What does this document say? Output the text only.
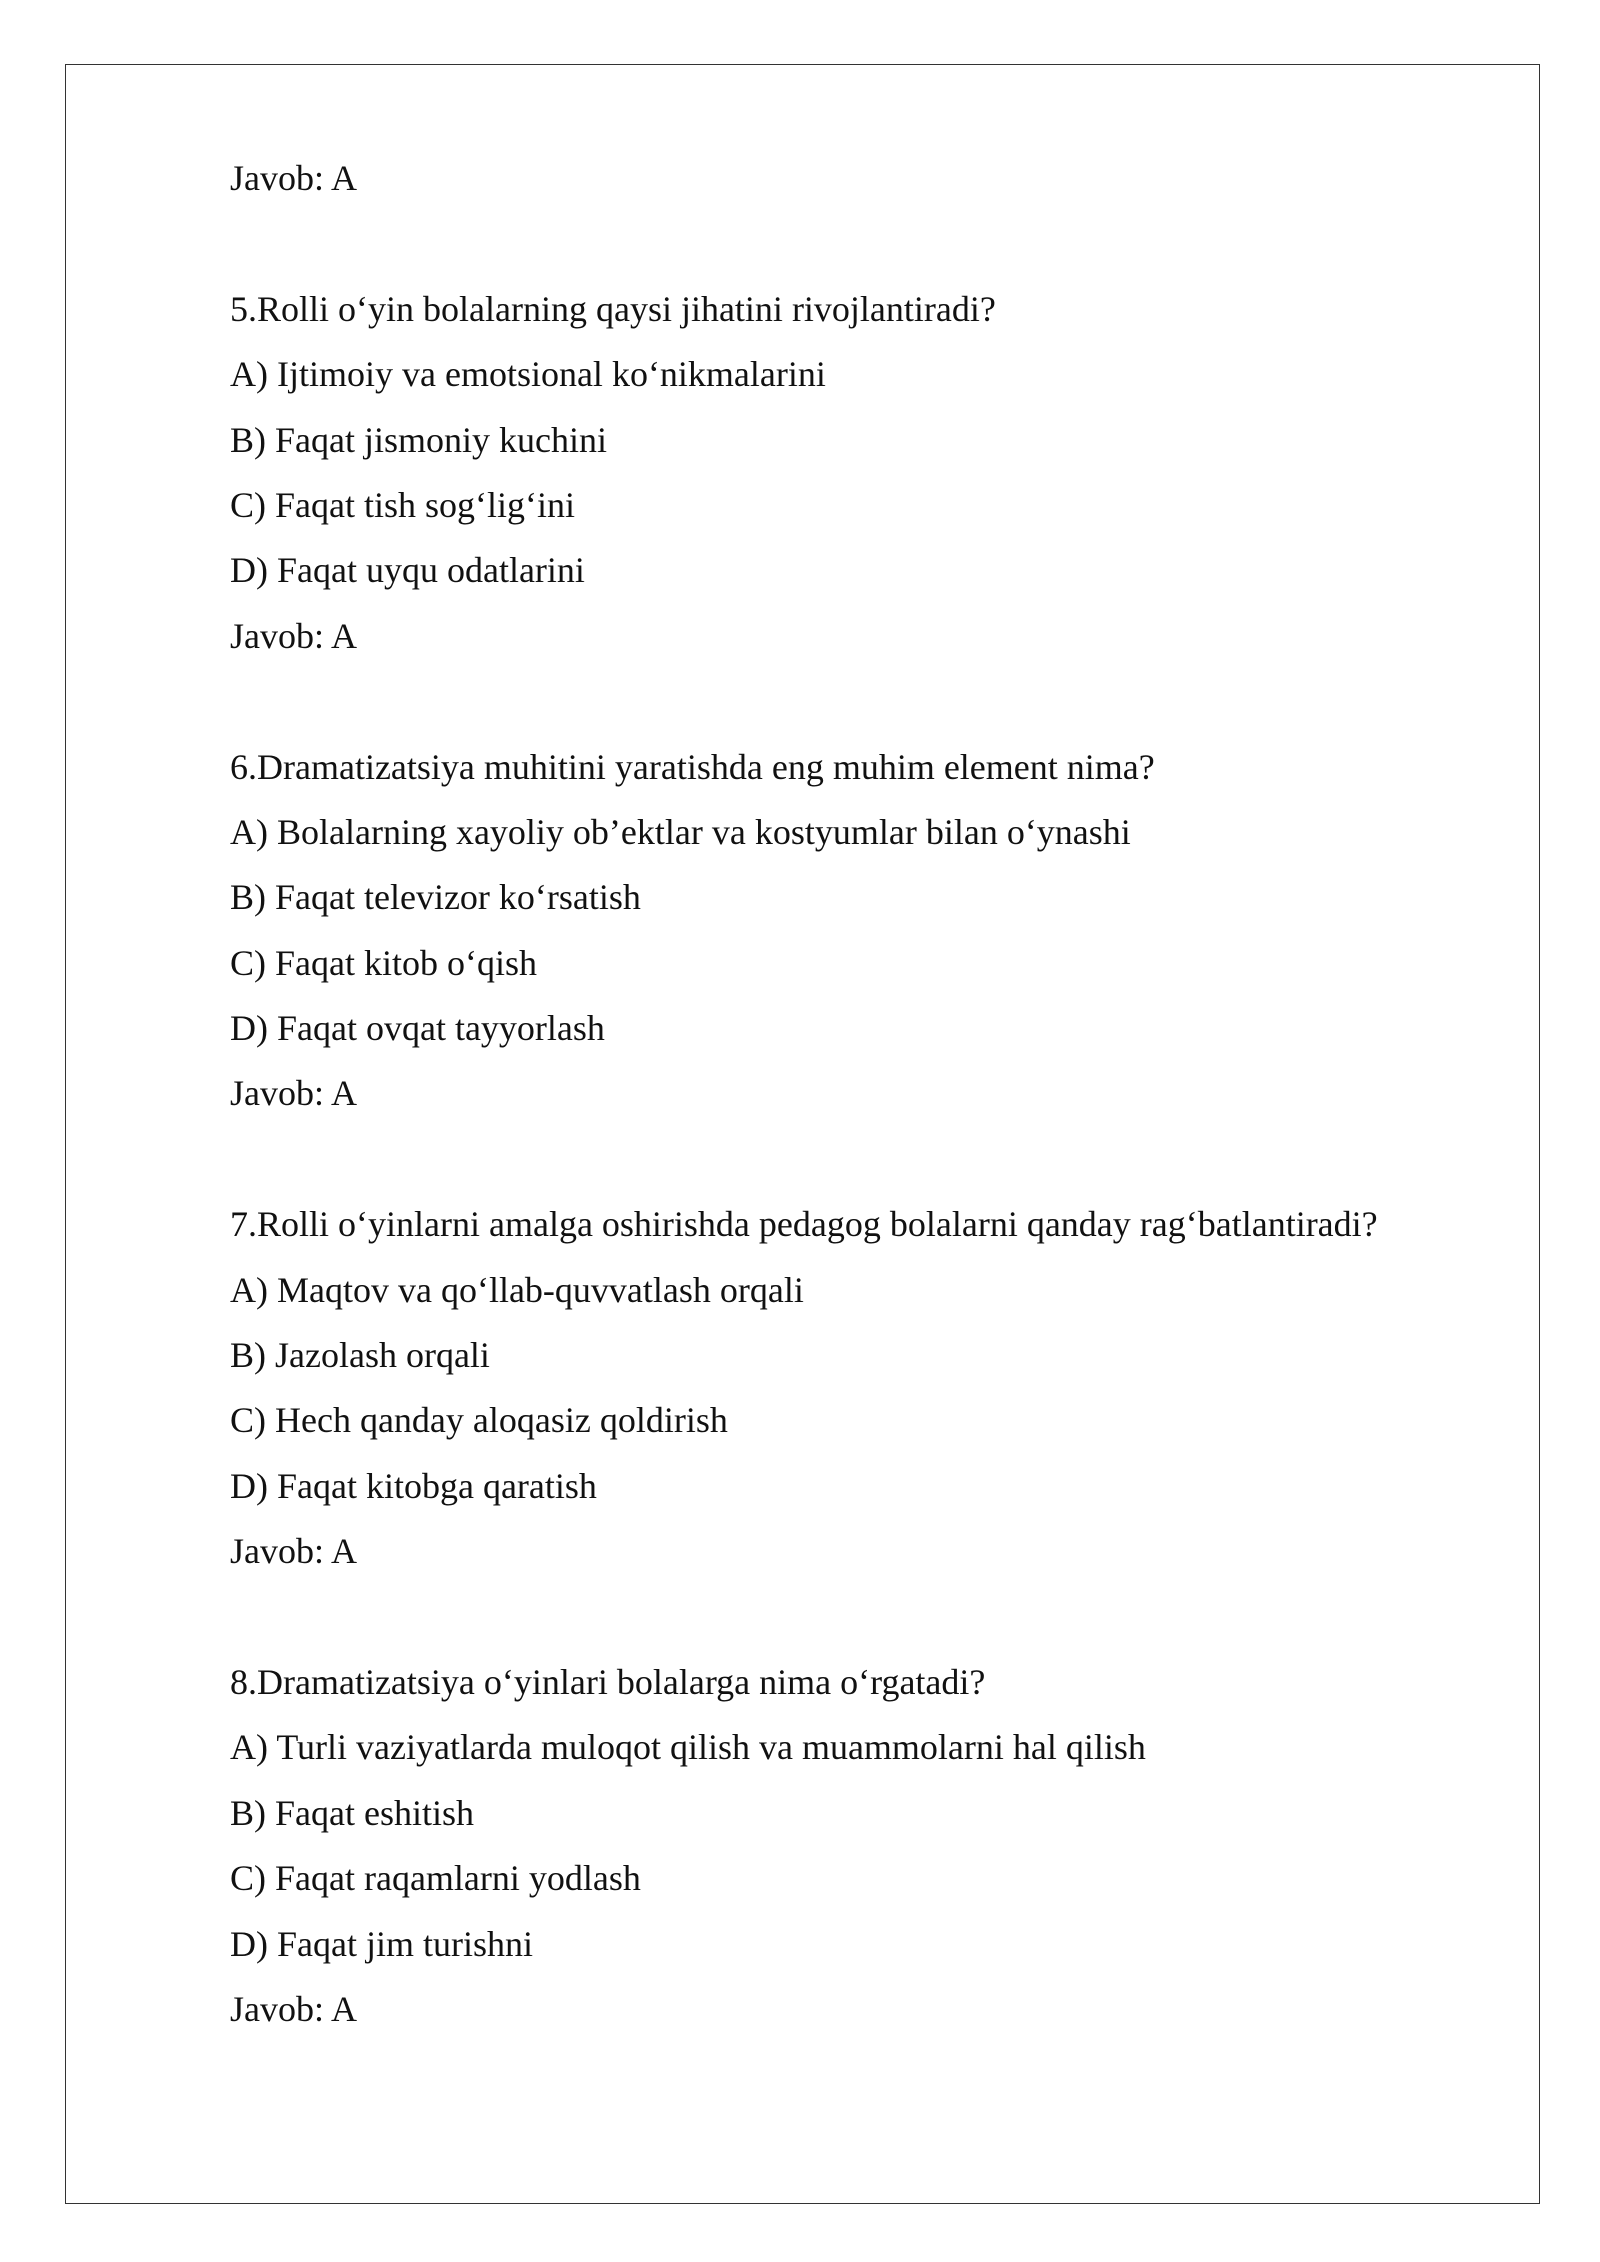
Javob: A
5.Rolli o‘yin bolalarning qaysi jihatini rivojlantiradi?
A) Ijtimoiy va emotsional ko‘nikmalarini
B) Faqat jismoniy kuchini
C) Faqat tish sog‘lig‘ini
D) Faqat uyqu odatlarini
Javob: A
6.Dramatizatsiya muhitini yaratishda eng muhim element nima?
A) Bolalarning xayoliy ob’ektlar va kostyumlar bilan o‘ynashi
B) Faqat televizor ko‘rsatish
C) Faqat kitob o‘qish
D) Faqat ovqat tayyorlash
Javob: A
7.Rolli o‘yinlarni amalga oshirishda pedagog bolalarni qanday rag‘batlantiradi?
A) Maqtov va qo‘llab-quvvatlash orqali
B) Jazolash orqali
C) Hech qanday aloqasiz qoldirish
D) Faqat kitobga qaratish
Javob: A
8.Dramatizatsiya o‘yinlari bolalarga nima o‘rgatadi?
A) Turli vaziyatlarda muloqot qilish va muammolarni hal qilish
B) Faqat eshitish
C) Faqat raqamlarni yodlash
D) Faqat jim turishni
Javob: A
